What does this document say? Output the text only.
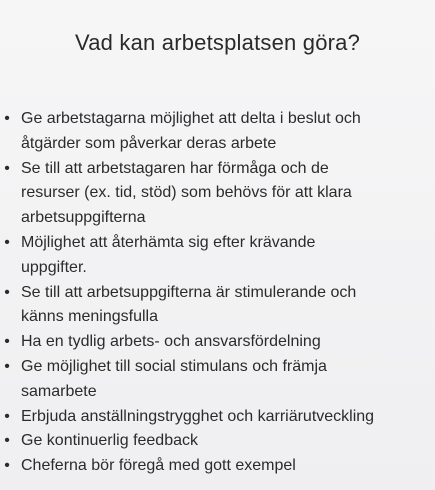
Vad kan arbetsplatsen göra?
• Ge arbetstagarna möjlighet att delta i beslut och
åtgärder som påverkar deras arbete
• Se till att arbetstagaren har förmåga och de
resurser (ex. tid, stöd) som behövs för att klara
arbetsuppgifterna
• Möjlighet att återhämta sig efter krävande
uppgifter.
• Se till att arbetsuppgifterna är stimulerande och
känns meningsfulla
• Ha en tydlig arbets- och ansvarsfördelning
• Ge möjlighet till social stimulans och främja
samarbete
• Erbjuda anställningstrygghet och karriärutveckling
• Ge kontinuerlig feedback
• Cheferna bör föregå med gott exempel
